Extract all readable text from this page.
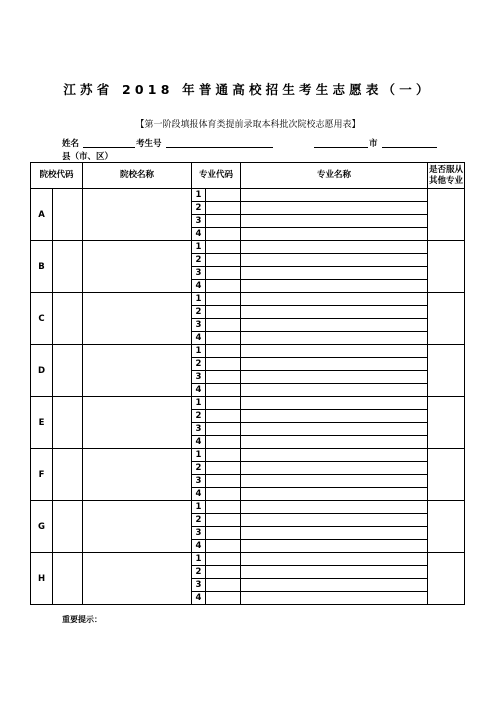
江苏省 2018 年普通高校招生考生志愿表（一）
【第一阶段填报体育类提前录取本科批次院校志愿用表】
姓名	考生号	市
县（市、区）
院校代码		院校名称	专业代码		专业名称	是否服从其他专业
A			1			
			2			
			3			
			4			
B			1			
			2			
			3			
			4			
C			1			
			2			
			3			
			4			
D			1			
			2			
			3			
			4			
E			1			
			2			
			3			
			4			
F			1			
			2			
			3			
			4			
G			1			
			2			
			3			
			4			
H			1			
			2			
			3			
			4			
重要提示：
